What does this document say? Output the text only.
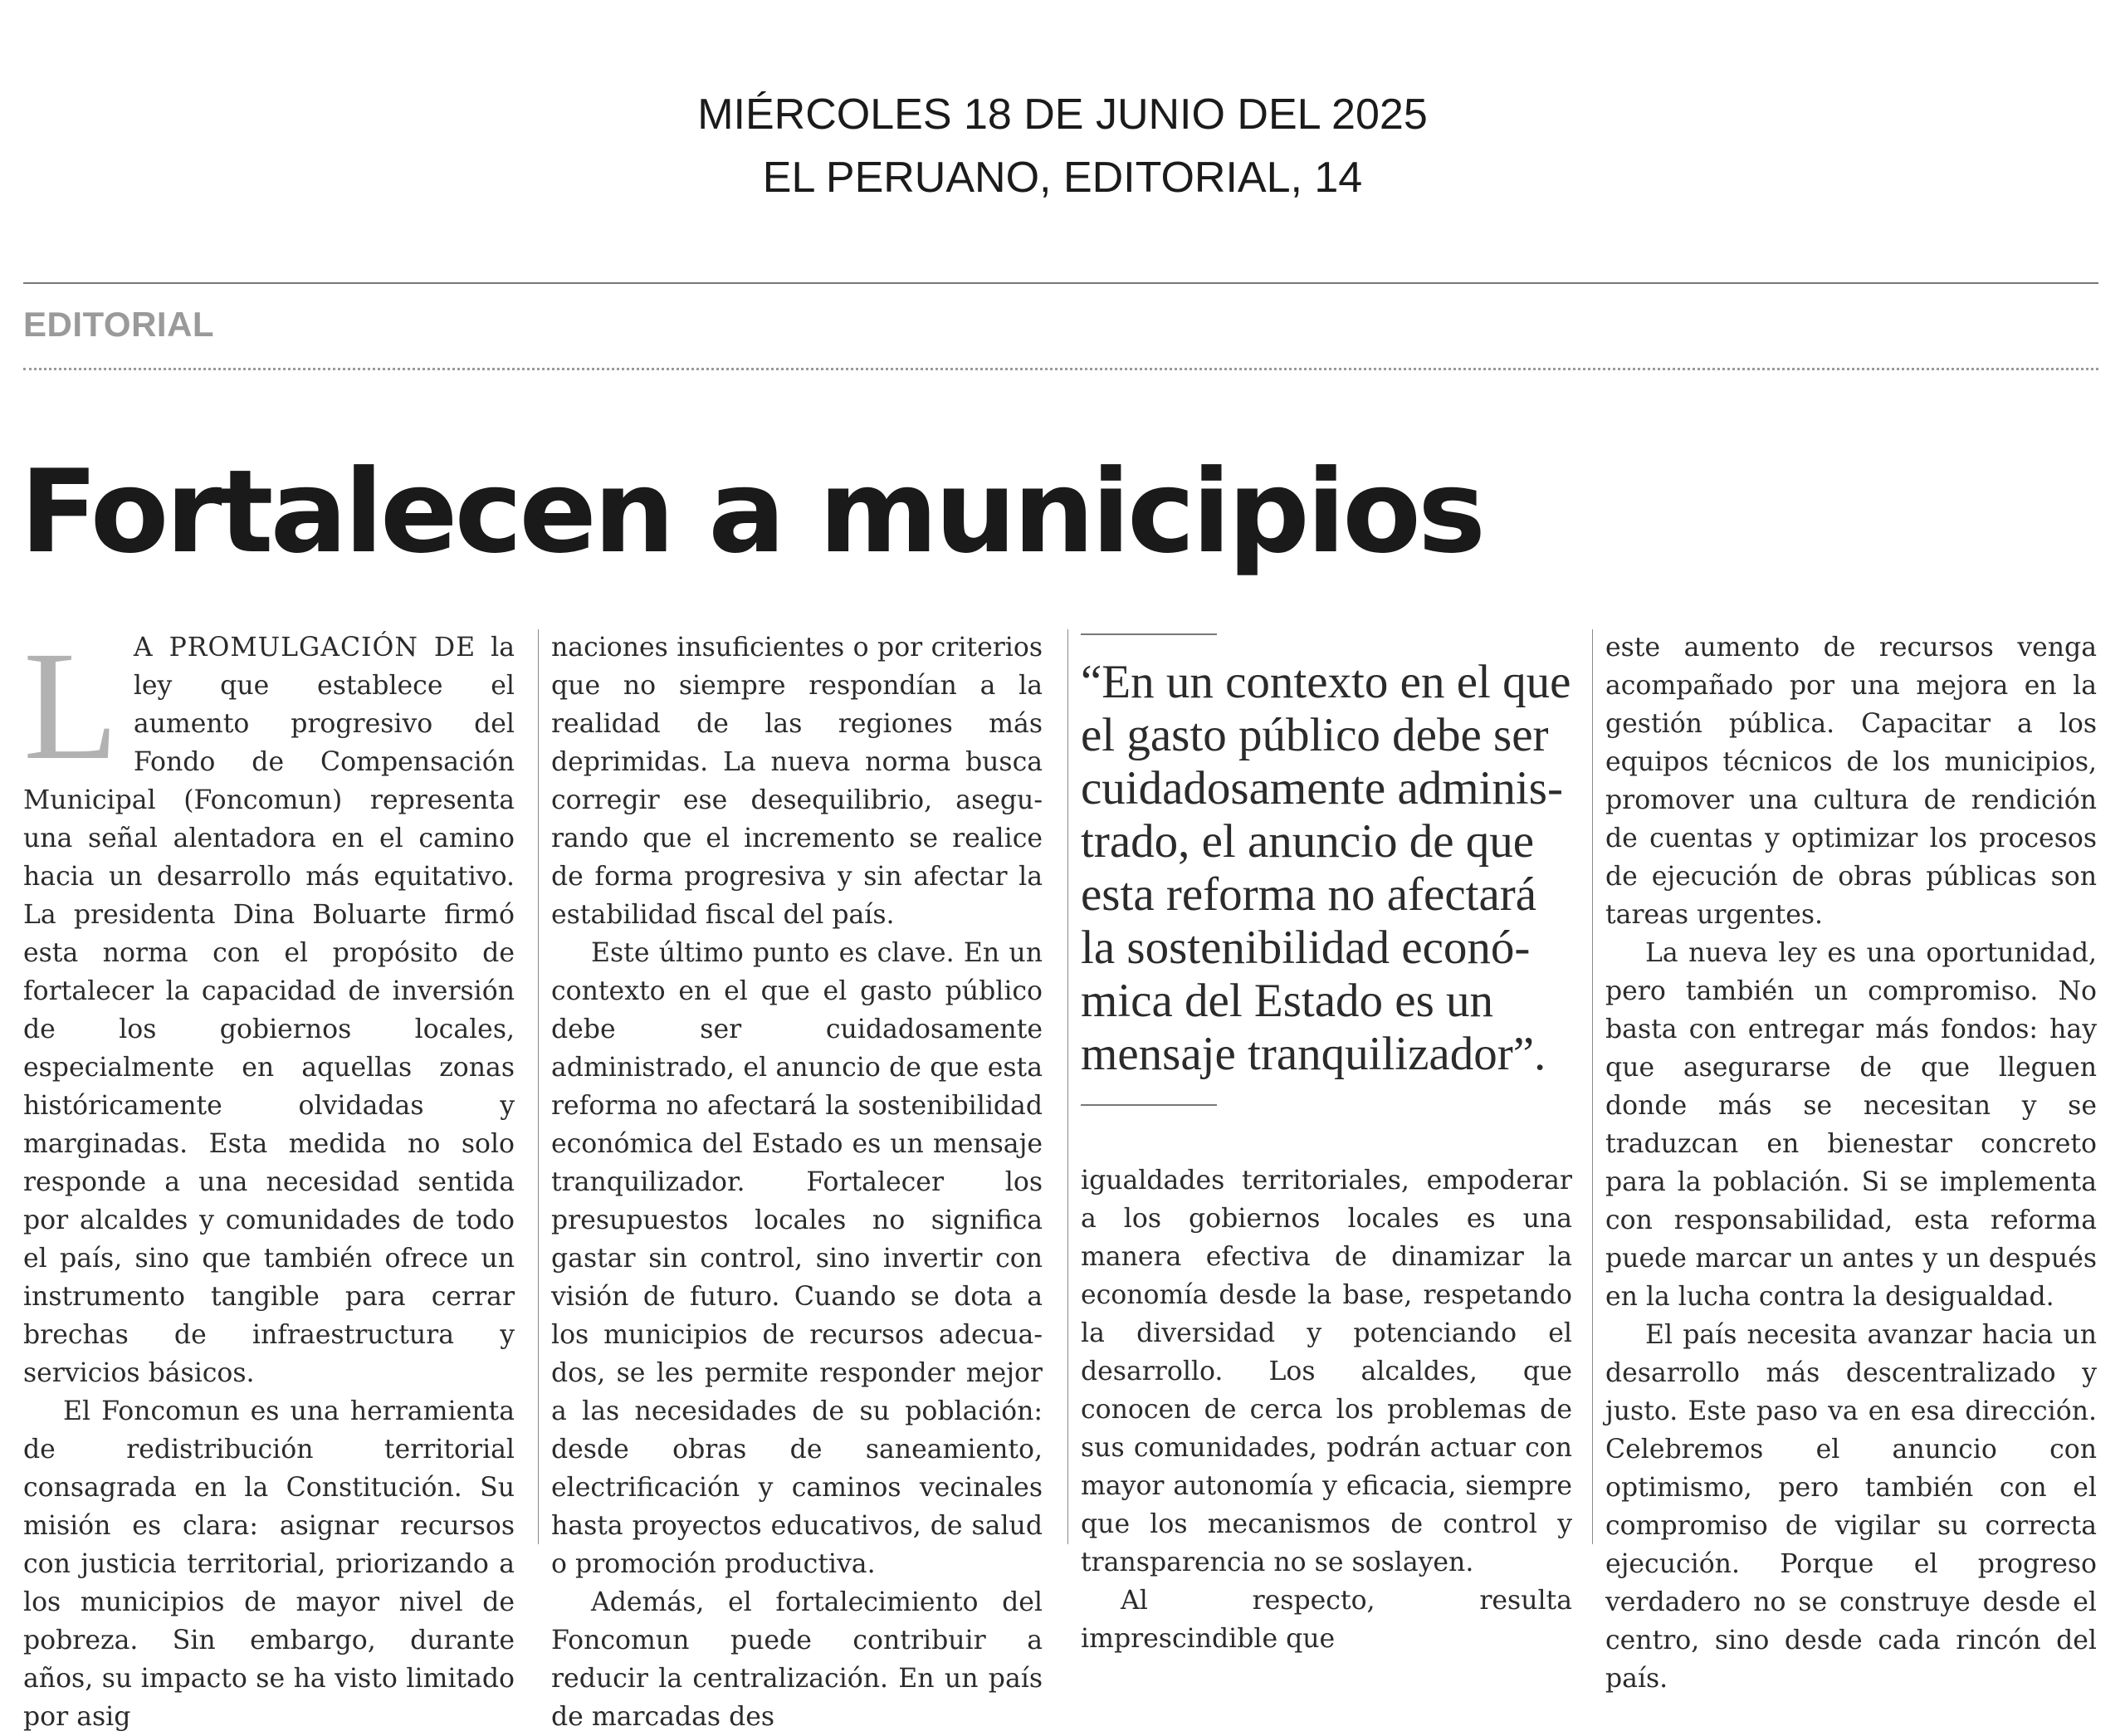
MIÉRCOLES 18 DE JUNIO DEL 2025
EL PERUANO, EDITORIAL, 14
EDITORIAL
Fortalecen a municipios

L A PROMULGACIÓN DE la ley que establece el aumento progresivo del Fondo de Compensación Municipal (Foncomun) representa una señal alentadora en el camino hacia un desarrollo más equitativo. La presidenta Dina Boluarte firmó esta norma con el propósito de fortalecer la capacidad de inversión de los gobiernos locales, especialmente en aquellas zonas históricamente olvidadas y marginadas. Esta medida no solo responde a una necesidad sentida por alcaldes y comunidades de todo el país, sino que también ofrece un instrumento tangible para cerrar brechas de infraestructura y servicios básicos.

El Foncomun es una herramienta de redistribución territorial consagrada en la Constitución. Su misión es clara: asignar recursos con justicia territorial, priorizando a los municipios de mayor nivel de pobreza. Sin embargo, durante años, su impacto se ha visto limitado por asig

naciones insuficientes o por criterios que no siempre respondían a la realidad de las regiones más deprimidas. La nueva norma busca corregir ese desequilibrio, asegurando que el incremento se realice de forma progresiva y sin afectar la estabilidad fiscal del país.

Este último punto es clave. En un contexto en el que el gasto público debe ser cuidadosamente administrado, el anuncio de que esta reforma no afectará la sostenibilidad económica del Estado es un mensaje tranquilizador. Fortalecer los presupuestos locales no significa gastar sin control, sino invertir con visión de futuro. Cuando se dota a los municipios de recursos adecuados, se les permite responder mejor a las necesidades de su población: desde obras de saneamiento, electrificación y caminos vecinales hasta proyectos educativos, de salud o promoción productiva.

Además, el fortalecimiento del Foncomun puede contribuir a reducir la centralización. En un país de marcadas des

“En un contexto en el que el gasto público debe ser cuidadosamente administrado, el anuncio de que esta reforma no afectará la sostenibilidad económica del Estado es un mensaje tranquilizador”.

igualdades territoriales, empoderar a los gobiernos locales es una manera efectiva de dinamizar la economía desde la base, respetando la diversidad y potenciando el desarrollo. Los alcaldes, que conocen de cerca los problemas de sus comunidades, podrán actuar con mayor autonomía y eficacia, siempre que los mecanismos de control y transparencia no se soslayen.

Al respecto, resulta imprescindible que

este aumento de recursos venga acompañado por una mejora en la gestión pública. Capacitar a los equipos técnicos de los municipios, promover una cultura de rendición de cuentas y optimizar los procesos de ejecución de obras públicas son tareas urgentes.

La nueva ley es una oportunidad, pero también un compromiso. No basta con entregar más fondos: hay que asegurarse de que lleguen donde más se necesitan y se traduzcan en bienestar concreto para la población. Si se implementa con responsabilidad, esta reforma puede marcar un antes y un después en la lucha contra la desigualdad.

El país necesita avanzar hacia un desarrollo más descentralizado y justo. Este paso va en esa dirección. Celebremos el anuncio con optimismo, pero también con el compromiso de vigilar su correcta ejecución. Porque el progreso verdadero no se construye desde el centro, sino desde cada rincón del país.
